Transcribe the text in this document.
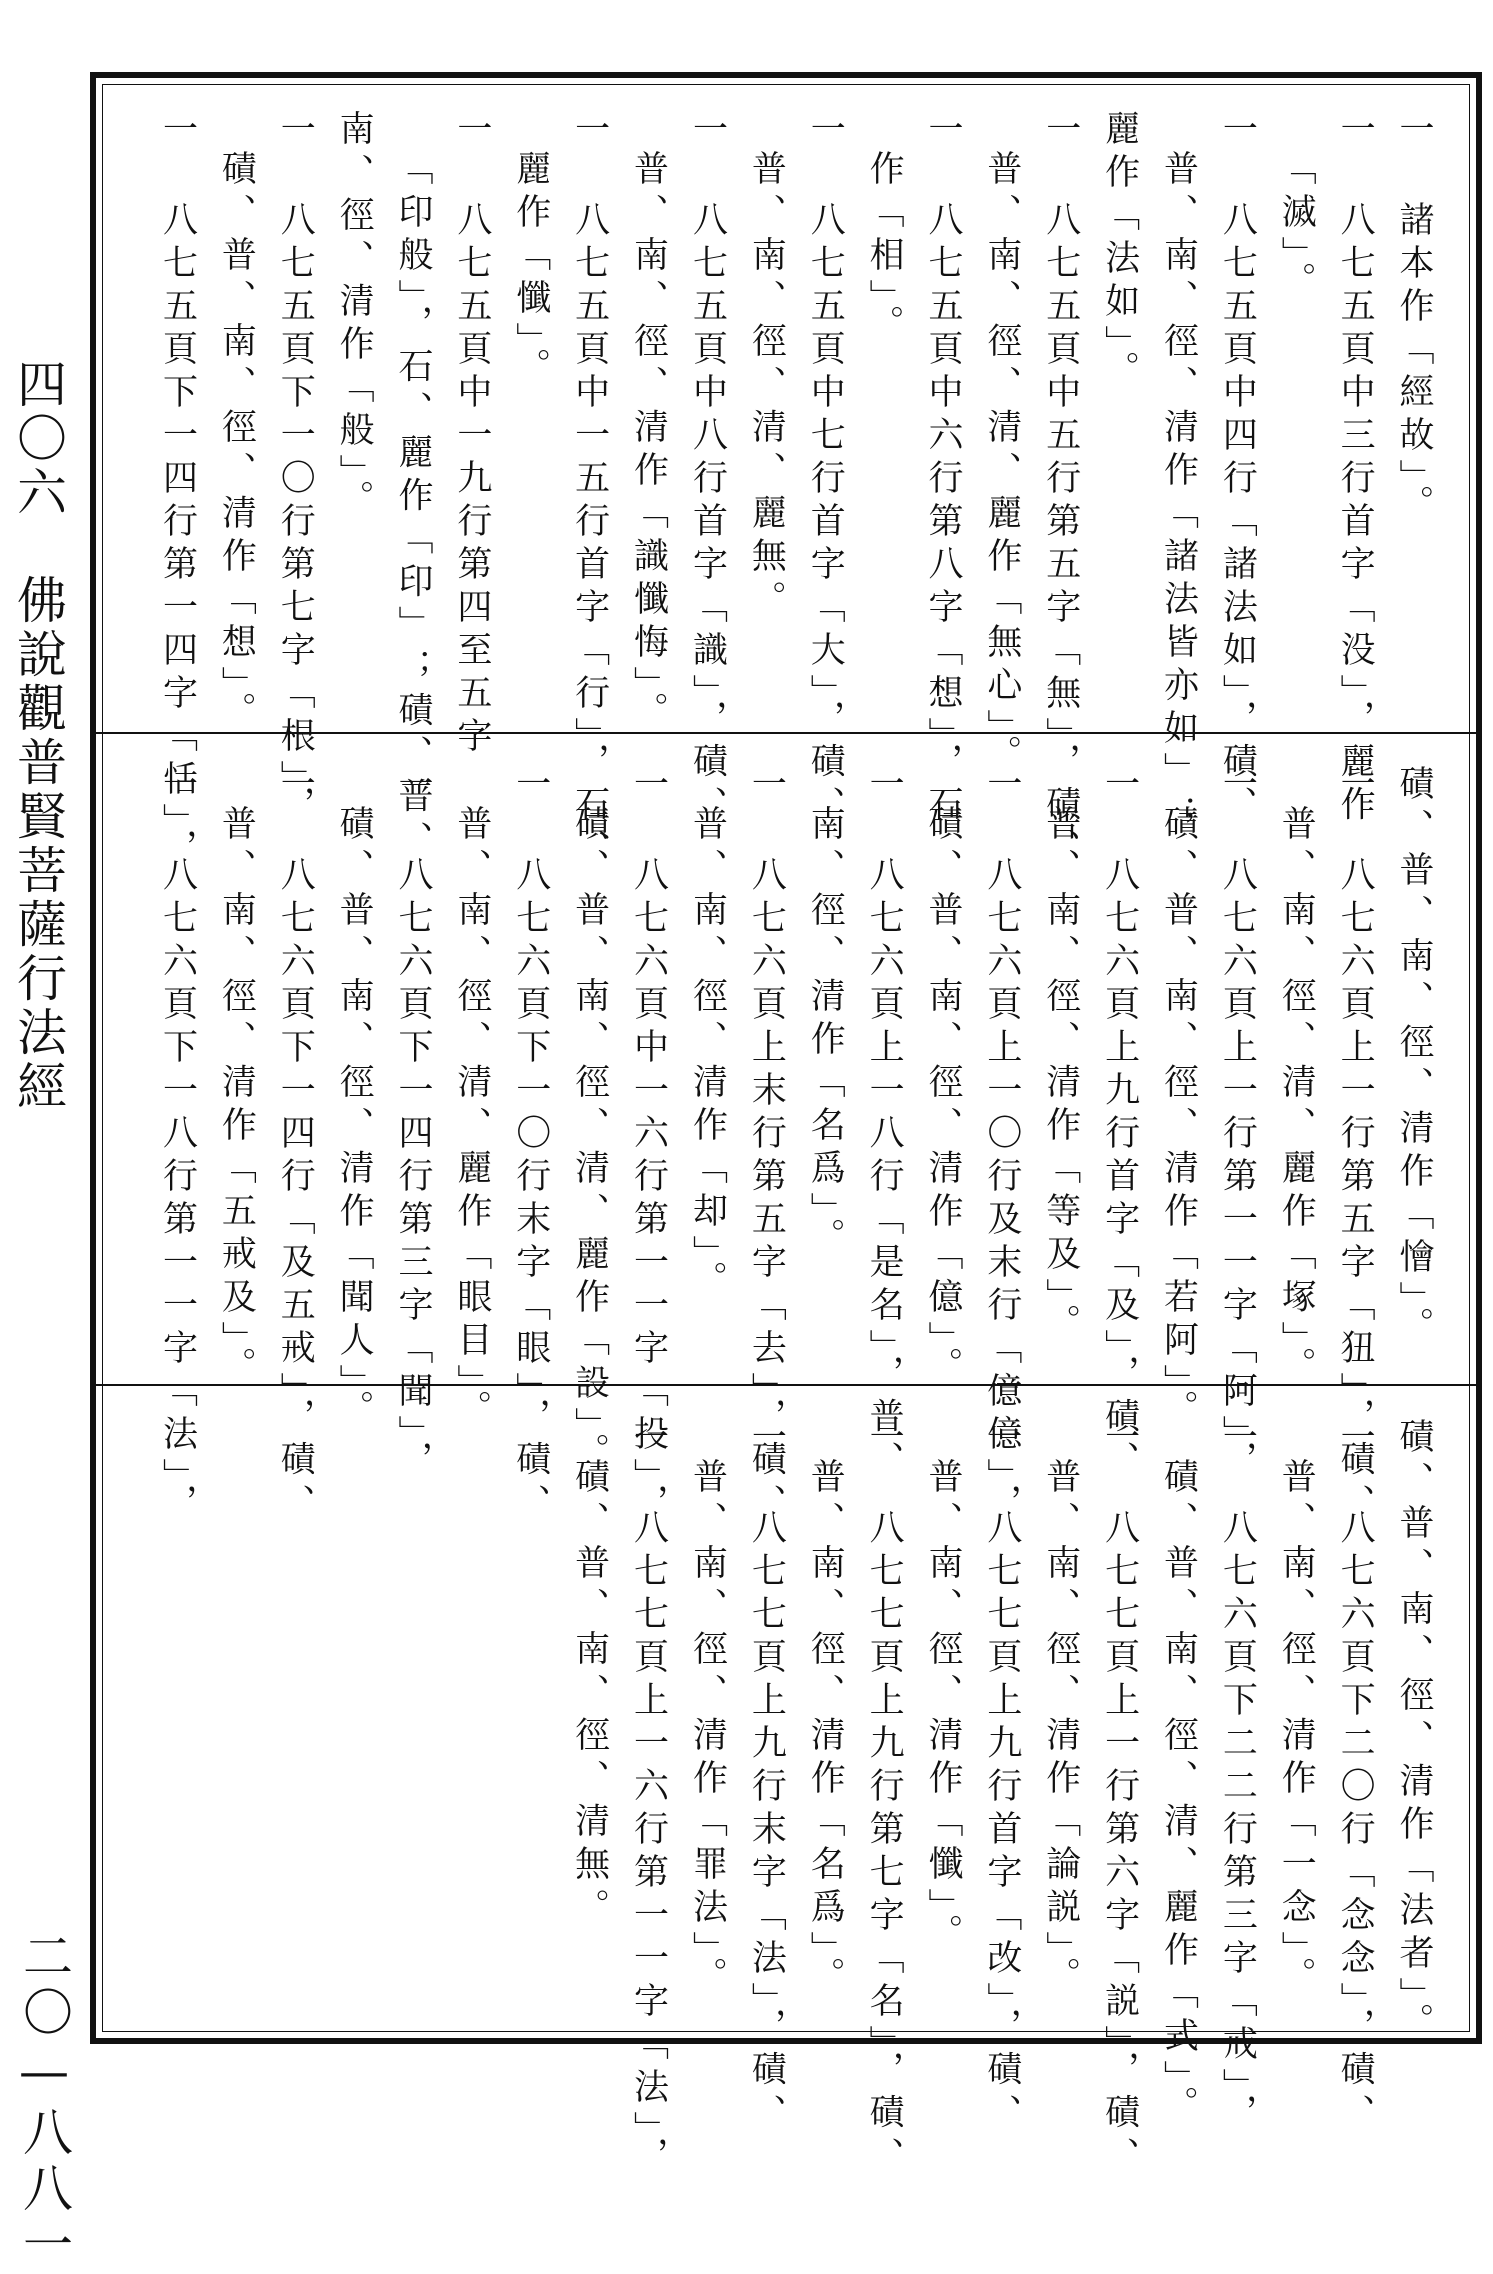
四〇六　佛說觀普賢菩薩行法經
二〇—八八一
一 諸本作「經故」。
一 八七五頁中三行首字「没」，麗作
「滅」。
一 八七五頁中四行「諸法如」，磧、
普、南、徑、清作「諸法皆亦如」；
麗作「法如」。
一 八七五頁中五行第五字「無」，磧、
普、南、徑、清、麗作「無心」。
一 八七五頁中六行第八字「想」，石
作「相」。
一 八七五頁中七行首字「大」，磧、
普、南、徑、清、麗無。
一 八七五頁中八行首字「識」，磧、
普、南、徑、清作「識懺悔」。
一 八七五頁中一五行首字「行」，石、
麗作「懺」。
一 八七五頁中一九行第四至五字
「印般」，石、麗作「印」；磧、普、
南、徑、清作「般」。
一 八七五頁下一〇行第七字「根」，
磧、普、南、徑、清作「想」。
一 八七五頁下一四行第一四字「恬」，
磧、普、南、徑、清作「懀」。
一 八七六頁上一行第五字「狃」，磧、
普、南、徑、清、麗作「塚」。
一 八七六頁上一行第一一字「阿」，
磧、普、南、徑、清作「若阿」。
一 八七六頁上九行首字「及」，磧、
普、南、徑、清作「等及」。
一 八七六頁上一〇行及末行「億億」，
磧、普、南、徑、清作「億」。
一 八七六頁上一八行「是名」，普、
南、徑、清作「名爲」。
一 八七六頁上末行第五字「去」，磧、
普、南、徑、清作「却」。
一 八七六頁中一六行第一一字「投」，
磧、普、南、徑、清、麗作「設」。
一 八七六頁下一〇行末字「眼」，磧、
普、南、徑、清、麗作「眼目」。
一 八七六頁下一四行第三字「聞」，
磧、普、南、徑、清作「聞人」。
一 八七六頁下一四行「及五戒」，磧、
普、南、徑、清作「五戒及」。
一 八七六頁下一八行第一一字「法」，
磧、普、南、徑、清作「法者」。
一 八七六頁下二〇行「念念」，磧、
普、南、徑、清作「一念」。
一 八七六頁下二二行第三字「戒」，
磧、普、南、徑、清、麗作「式」。
一 八七七頁上一行第六字「説」，磧、
普、南、徑、清作「論説」。
一 八七七頁上九行首字「改」，磧、
普、南、徑、清作「懺」。
一 八七七頁上九行第七字「名」，磧、
普、南、徑、清作「名爲」。
一 八七七頁上九行末字「法」，磧、
普、南、徑、清作「罪法」。
一 八七七頁上一六行第一一字「法」，
磧、普、南、徑、清無。
